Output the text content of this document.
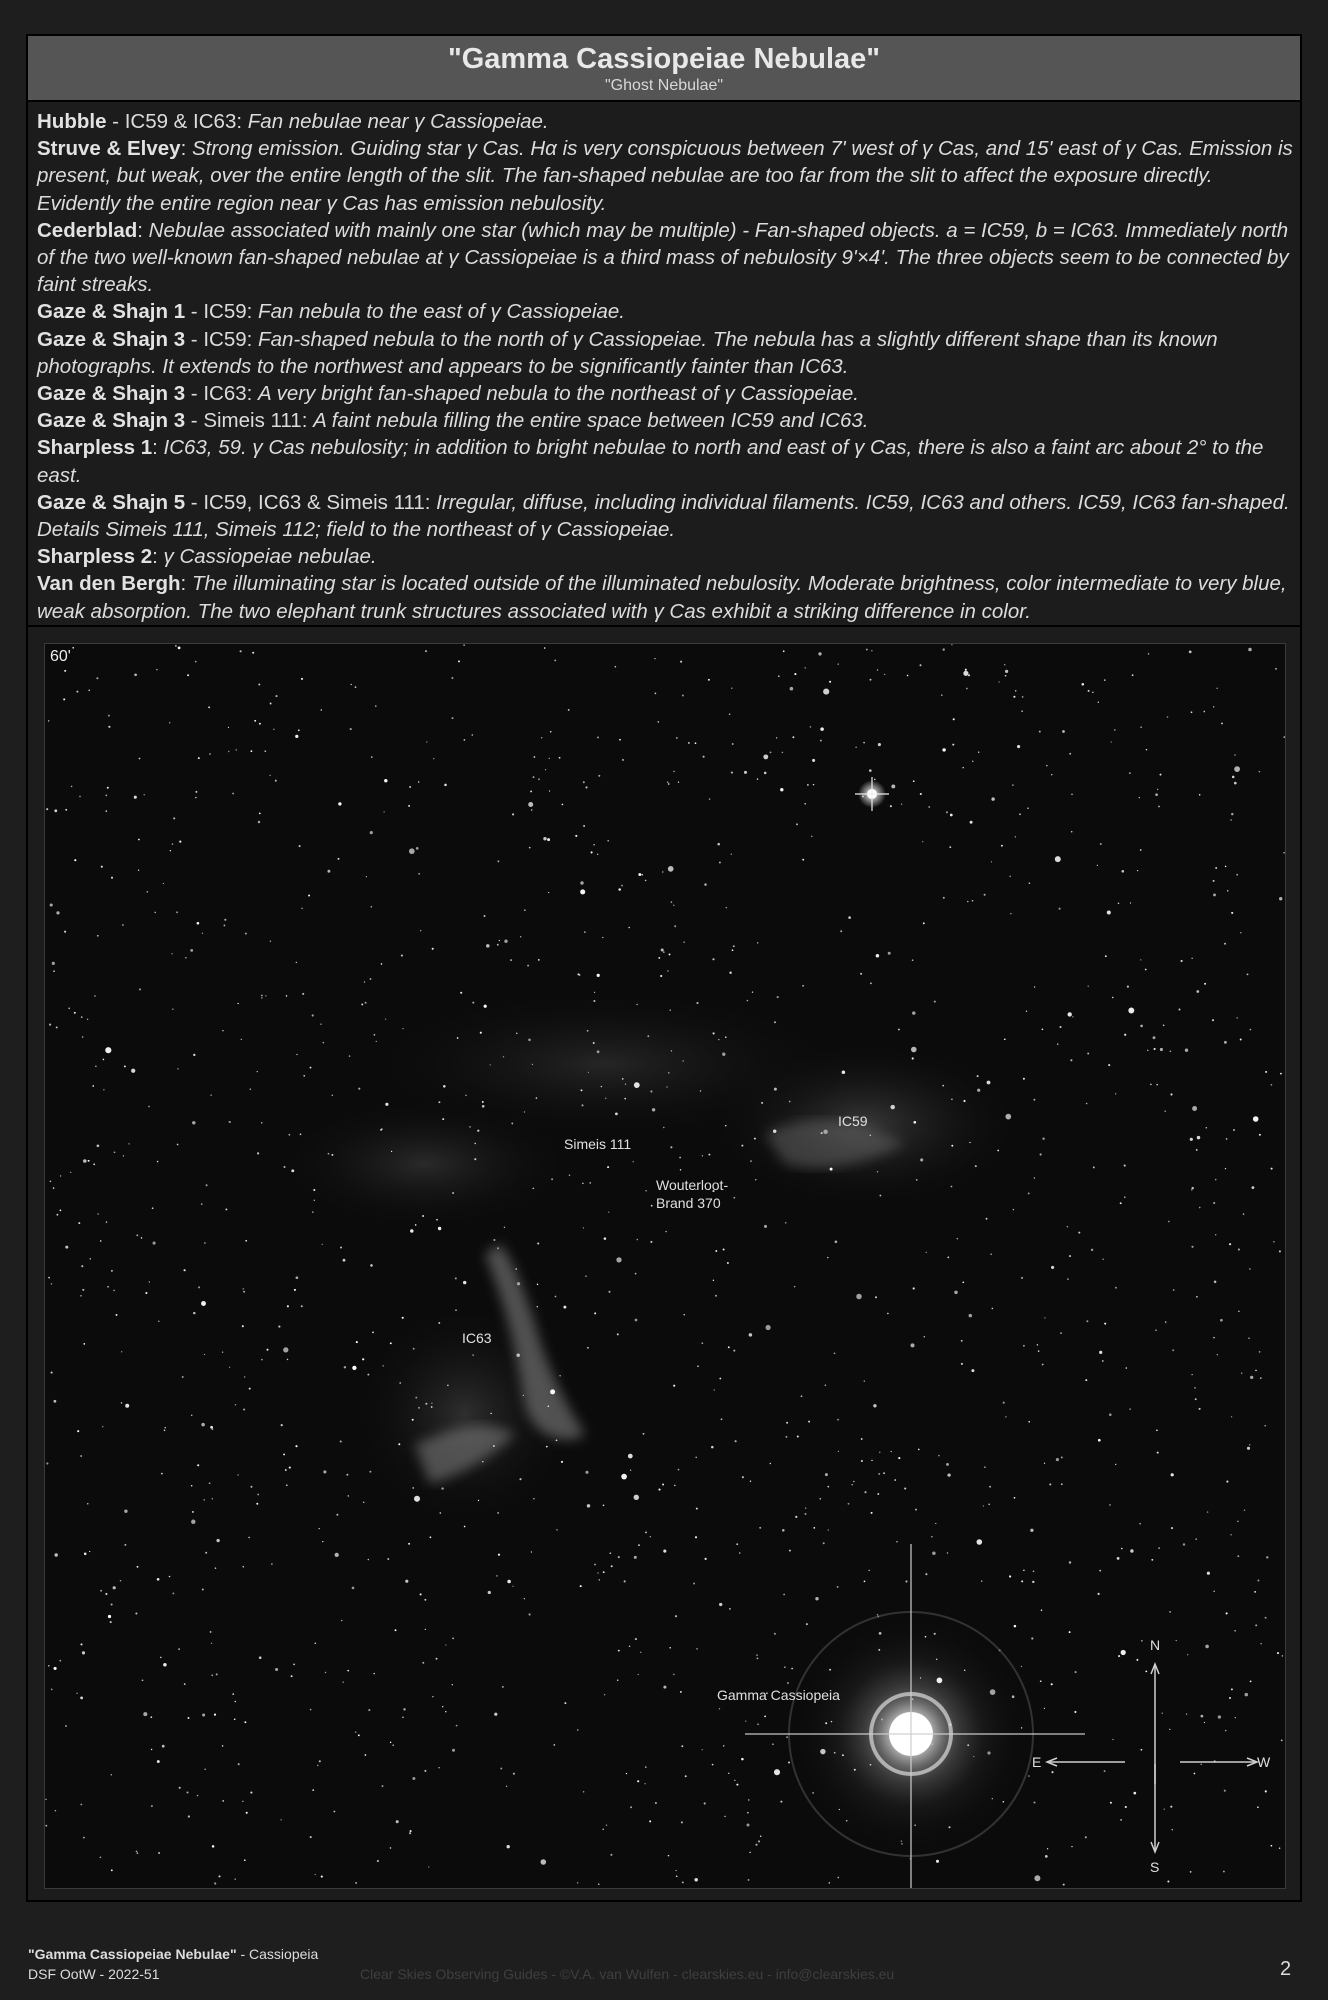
"Gamma Cassiopeiae Nebulae"
"Ghost Nebulae"

Hubble - IC59 & IC63: Fan nebulae near γ Cassiopeiae.

Struve & Elvey: Strong emission. Guiding star γ Cas. Hα is very conspicuous between 7' west of γ Cas, and 15' east of γ Cas. Emission is present, but weak, over the entire length of the slit. The fan-shaped nebulae are too far from the slit to affect the exposure directly. Evidently the entire region near γ Cas has emission nebulosity.

Cederblad: Nebulae associated with mainly one star (which may be multiple) - Fan-shaped objects. a = IC59, b = IC63. Immediately north of the two well-known fan-shaped nebulae at γ Cassiopeiae is a third mass of nebulosity 9'×4'. The three objects seem to be connected by faint streaks.

Gaze & Shajn 1 - IC59: Fan nebula to the east of γ Cassiopeiae.

Gaze & Shajn 3 - IC59: Fan-shaped nebula to the north of γ Cassiopeiae. The nebula has a slightly different shape than its known photographs. It extends to the northwest and appears to be significantly fainter than IC63.

Gaze & Shajn 3 - IC63: A very bright fan-shaped nebula to the northeast of γ Cassiopeiae.

Gaze & Shajn 3 - Simeis 111: A faint nebula filling the entire space between IC59 and IC63.

Sharpless 1: IC63, 59. γ Cas nebulosity; in addition to bright nebulae to north and east of γ Cas, there is also a faint arc about 2° to the east.

Gaze & Shajn 5 - IC59, IC63 & Simeis 111: Irregular, diffuse, including individual filaments. IC59, IC63 and others. IC59, IC63 fan-shaped. Details Simeis 111, Simeis 112; field to the northeast of γ Cassiopeiae.

Sharpless 2: γ Cassiopeiae nebulae.

Van den Bergh: The illuminating star is located outside of the illuminated nebulosity. Moderate brightness, color intermediate to very blue, weak absorption. The two elephant trunk structures associated with γ Cas exhibit a striking difference in color.

60'
IC59
Simeis 111
Wouterloot-
Brand 370
IC63
Gamma Cassiopeia
N
S
E	W
"Gamma Cassiopeiae Nebulae" - Cassiopeia
DSF OotW - 2022-51	Clear Skies Observing Guides - ©V.A. van Wulfen - clearskies.eu - info@clearskies.eu	2
